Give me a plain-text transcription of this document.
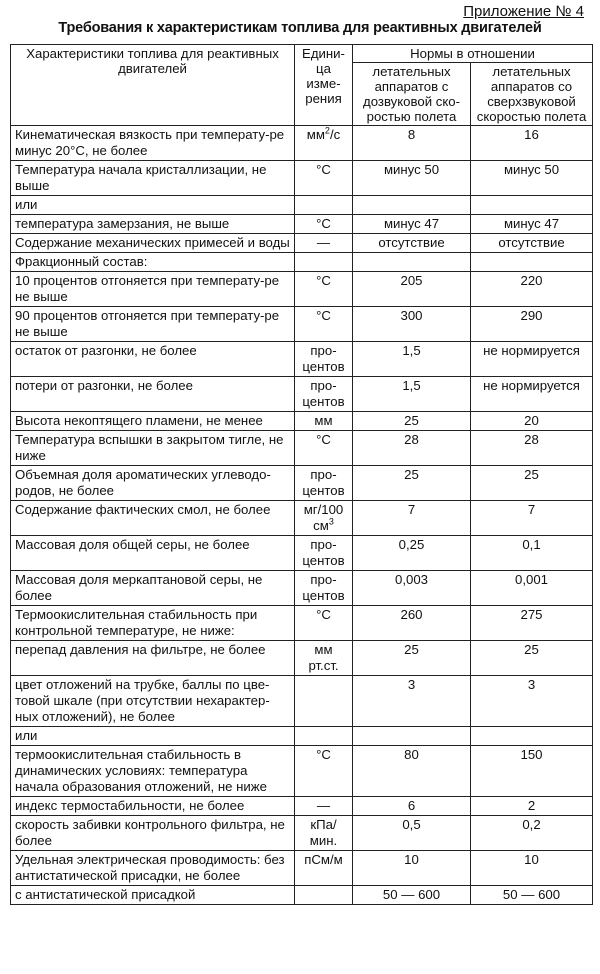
Приложение № 4
Требования к характеристикам топлива для реактивных двигателей
Характеристики топлива для реактивных двигателей	Едини-ца изме-рения	Нормы в отношении	
		летательных аппаратов с дозвуковой ско-ростью полета	летательных аппаратов со сверхзвуковой скоростью полета
Кинематическая вязкость при температу-ре минус 20°С, не более	$мм^2/c$	8	16
Температура начала кристаллизации, не выше	°С	минус 50	минус 50
или			
температура замерзания, не выше	°С	минус 47	минус 47
Содержание механических примесей и воды	—	отсутствие	отсутствие
Фракционный состав:			
10 процентов отгоняется при температу-ре не выше	°С	205	220
90 процентов отгоняется при температу-ре не выше	°С	300	290
остаток от разгонки, не более	про-центов	1,5	не нормируется
потери от разгонки, не более	про-центов	1,5	не нормируется
Высота некоптящего пламени, не менее	мм	25	20
Температура вспышки в закрытом тигле, не ниже	°С	28	28
Объемная доля ароматических углеводо-родов, не более	про-центов	25	25
Содержание фактических смол, не более	мг/100 $см^3$	7	7
Массовая доля общей серы, не более	про-центов	0,25	0,1
Массовая доля меркаптановой серы, не более	про-центов	0,003	0,001
Термоокислительная стабильность при контрольной температуре, не ниже:	°С	260	275
перепад давления на фильтре, не более	мм рт.ст.	25	25
цвет отложений на трубке, баллы по цве-товой шкале (при отсутствии нехарактер-ных отложений), не более		3	3
или			
термоокислительная стабильность в динамических условиях: температура начала образования отложений, не ниже	°С	80	150
индекс термостабильности, не более	—	6	2
скорость забивки контрольного фильтра, не более	кПа/ мин.	0,5	0,2
Удельная электрическая проводимость: без антистатической присадки, не более	пСм/м	10	10
с антистатической присадкой		50 — 600	50 — 600
